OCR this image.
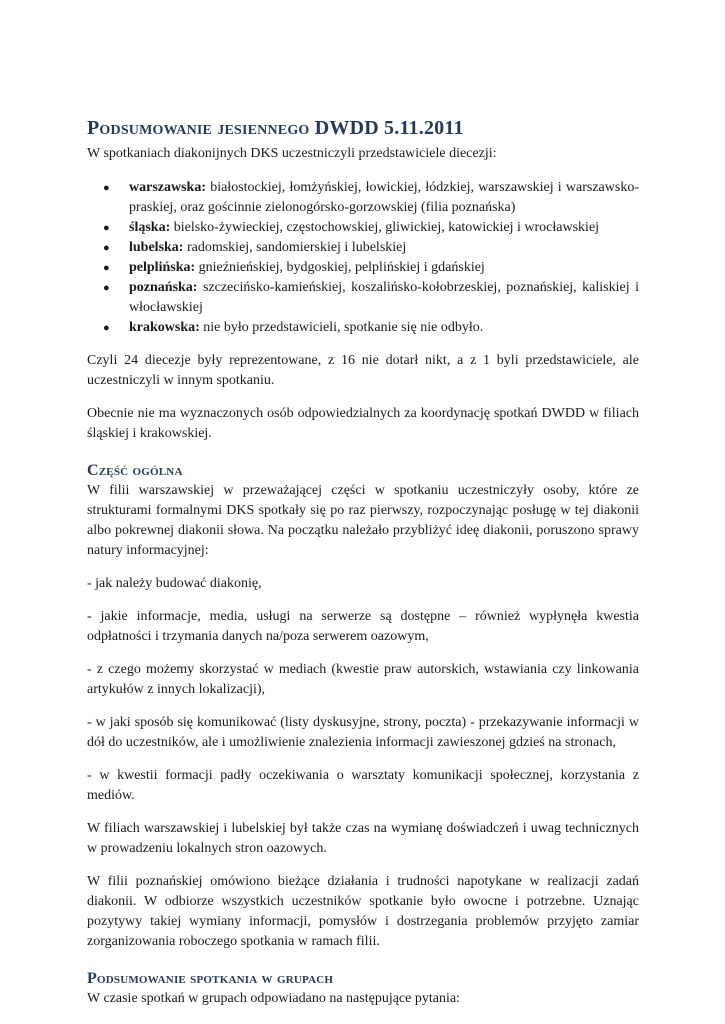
Podsumowanie jesiennego DWDD 5.11.2011

W spotkaniach diakonijnych DKS uczestniczyli przedstawiciele diecezji:

● warszawska: białostockiej, łomżyńskiej, łowickiej, łódzkiej, warszawskiej i warszawsko-praskiej, oraz gościnnie zielonogórsko-gorzowskiej (filia poznańska)
● śląska: bielsko-żywieckiej, częstochowskiej, gliwickiej, katowickiej i wrocławskiej
● lubelska: radomskiej, sandomierskiej i lubelskiej
● pelplińska: gnieźnieńskiej, bydgoskiej, pelplińskiej i gdańskiej
● poznańska: szczecińsko-kamieńskiej, koszalińsko-kołobrzeskiej, poznańskiej, kaliskiej i włocławskiej
● krakowska: nie było przedstawicieli, spotkanie się nie odbyło.

Czyli 24 diecezje były reprezentowane, z 16 nie dotarł nikt, a z 1 byli przedstawiciele, ale uczestniczyli w innym spotkaniu.

Obecnie nie ma wyznaczonych osób odpowiedzialnych za koordynację spotkań DWDD w filiach śląskiej i krakowskiej.

Część ogólna

W filii warszawskiej w przeważającej części w spotkaniu uczestniczyły osoby, które ze strukturami formalnymi DKS spotkały się po raz pierwszy, rozpoczynając posługę w tej diakonii albo pokrewnej diakonii słowa. Na początku należało przybliżyć ideę diakonii, poruszono sprawy natury informacyjnej:

- jak należy budować diakonię,

- jakie informacje, media, usługi na serwerze są dostępne – również wypłynęła kwestia odpłatności i trzymania danych na/poza serwerem oazowym,

- z czego możemy skorzystać w mediach (kwestie praw autorskich, wstawiania czy linkowania artykułów z innych lokalizacji),

- w jaki sposób się komunikować (listy dyskusyjne, strony, poczta) - przekazywanie informacji w dół do uczestników, ale i umożliwienie znalezienia informacji zawieszonej gdzieś na stronach,

- w kwestii formacji padły oczekiwania o warsztaty komunikacji społecznej, korzystania z mediów.

W filiach warszawskiej i lubelskiej był także czas na wymianę doświadczeń i uwag technicznych w prowadzeniu lokalnych stron oazowych.

W filii poznańskiej omówiono bieżące działania i trudności napotykane w realizacji zadań diakonii. W odbiorze wszystkich uczestników spotkanie było owocne i potrzebne. Uznając pozytywy takiej wymiany informacji, pomysłów i dostrzegania problemów przyjęto zamiar zorganizowania roboczego spotkania w ramach filii.

Podsumowanie spotkania w grupach

W czasie spotkań w grupach odpowiadano na następujące pytania:
